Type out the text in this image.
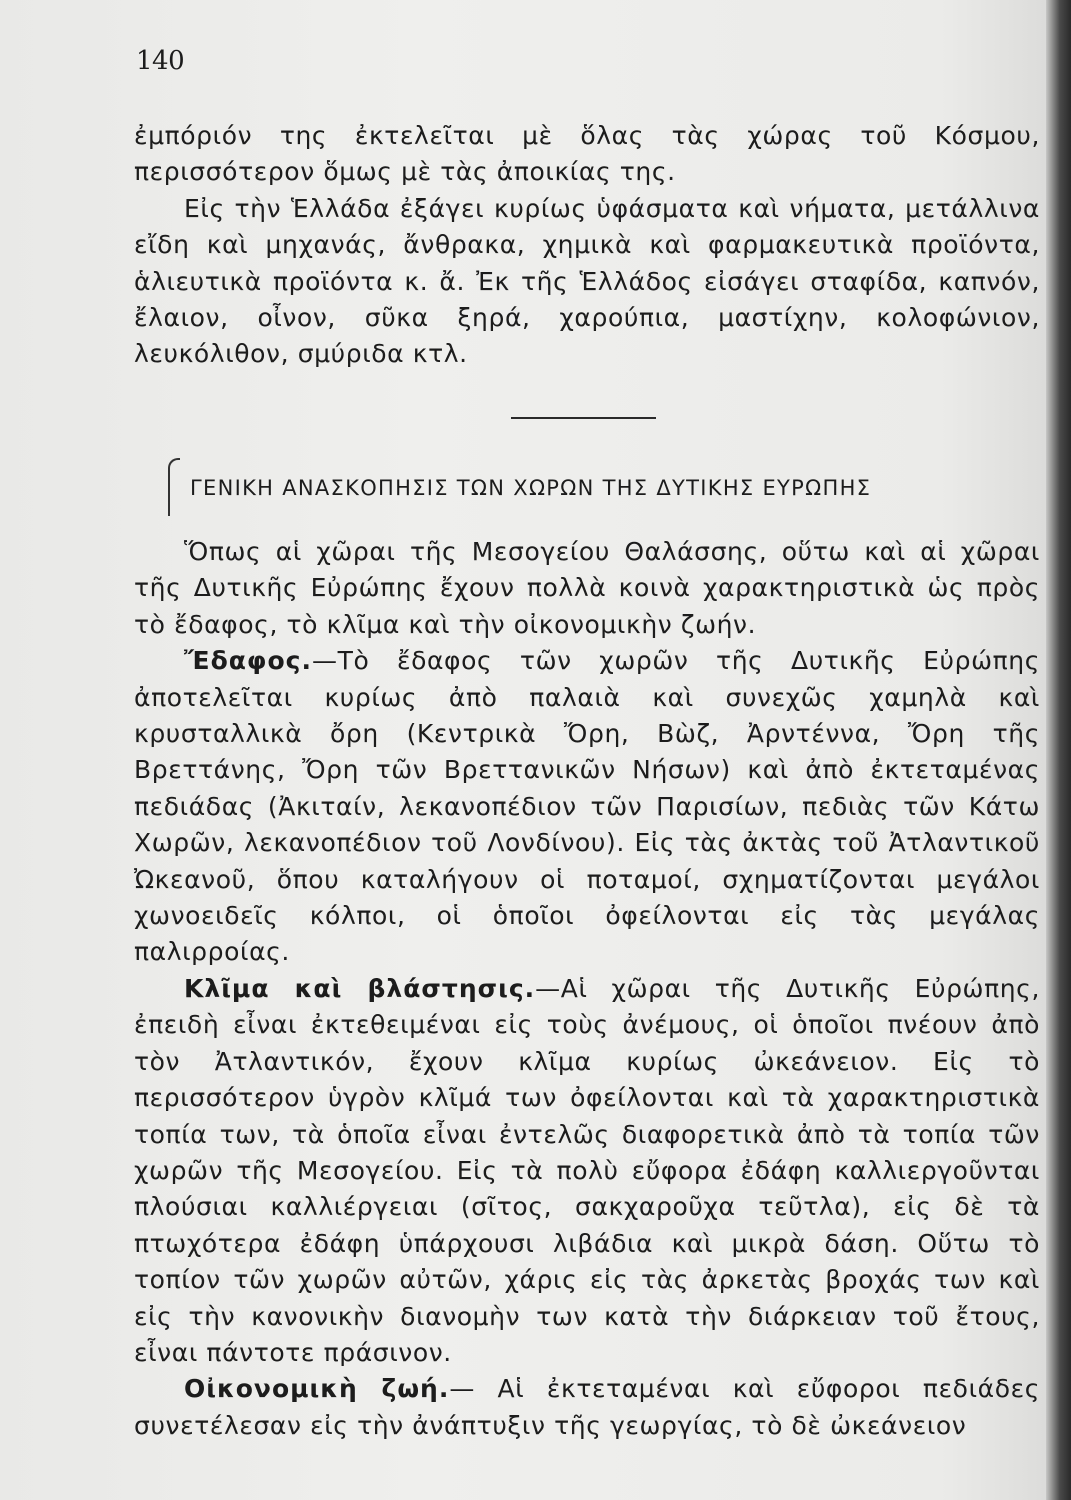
140

ἐμπόριόν της ἐκτελεῖται μὲ ὅλας τὰς χώρας τοῦ Κόσμου, περισσότερον ὅμως μὲ τὰς ἀποικίας της.

Εἰς τὴν Ἑλλάδα ἐξάγει κυρίως ὑφάσματα καὶ νήματα, μετάλλινα εἴδη καὶ μηχανάς, ἄνθρακα, χημικὰ καὶ φαρμακευτικὰ προϊόντα, ἁλιευτικὰ προϊόντα κ. ἄ. Ἐκ τῆς Ἑλλάδος εἰσάγει σταφίδα, καπνόν, ἔλαιον, οἶνον, σῦκα ξηρά, χαρούπια, μαστίχην, κολοφώνιον, λευκόλιθον, σμύριδα κτλ.

ΓΕΝΙΚΗ ΑΝΑΣΚΟΠΗΣΙΣ ΤΩΝ ΧΩΡΩΝ ΤΗΣ ΔΥΤΙΚΗΣ ΕΥΡΩΠΗΣ

Ὅπως αἱ χῶραι τῆς Μεσογείου Θαλάσσης, οὕτω καὶ αἱ χῶραι τῆς Δυτικῆς Εὐρώπης ἔχουν πολλὰ κοινὰ χαρακτηριστικὰ ὡς πρὸς τὸ ἔδαφος, τὸ κλῖμα καὶ τὴν οἰκονομικὴν ζωήν.

Ἔδαφος.—Τὸ ἔδαφος τῶν χωρῶν τῆς Δυτικῆς Εὐρώπης ἀποτελεῖται κυρίως ἀπὸ παλαιὰ καὶ συνεχῶς χαμηλὰ καὶ κρυσταλλικὰ ὄρη (Κεντρικὰ Ὄρη, Βὼζ, Ἀρντέννα, Ὄρη τῆς Βρεττάνης, Ὄρη τῶν Βρεττανικῶν Νήσων) καὶ ἀπὸ ἐκτεταμένας πεδιάδας (Ἀκιταίν, λεκανοπέδιον τῶν Παρισίων, πεδιὰς τῶν Κάτω Χωρῶν, λεκανοπέδιον τοῦ Λονδίνου). Εἰς τὰς ἀκτὰς τοῦ Ἀτλαντικοῦ Ὠκεανοῦ, ὅπου καταλήγουν οἱ ποταμοί, σχηματίζονται μεγάλοι χωνοειδεῖς κόλποι, οἱ ὁποῖοι ὀφείλονται εἰς τὰς μεγάλας παλιρροίας.

Κλῖμα καὶ βλάστησις.—Αἱ χῶραι τῆς Δυτικῆς Εὐρώπης, ἐπειδὴ εἶναι ἐκτεθειμέναι εἰς τοὺς ἀνέμους, οἱ ὁποῖοι πνέουν ἀπὸ τὸν Ἀτλαντικόν, ἔχουν κλῖμα κυρίως ὠκεάνειον. Εἰς τὸ περισσότερον ὑγρὸν κλῖμά των ὀφείλονται καὶ τὰ χαρακτηριστικὰ τοπία των, τὰ ὁποῖα εἶναι ἐντελῶς διαφορετικὰ ἀπὸ τὰ τοπία τῶν χωρῶν τῆς Μεσογείου. Εἰς τὰ πολὺ εὔφορα ἐδάφη καλλιεργοῦνται πλούσιαι καλλιέργειαι (σῖτος, σακχαροῦχα τεῦτλα), εἰς δὲ τὰ πτωχότερα ἐδάφη ὑπάρχουσι λιβάδια καὶ μικρὰ δάση. Οὕτω τὸ τοπίον τῶν χωρῶν αὐτῶν, χάρις εἰς τὰς ἀρκετὰς βροχάς των καὶ εἰς τὴν κανονικὴν διανομὴν των κατὰ τὴν διάρκειαν τοῦ ἔτους, εἶναι πάντοτε πράσινον.

Οἰκονομικὴ ζωή.— Αἱ ἐκτεταμέναι καὶ εὔφοροι πεδιάδες συνετέλεσαν εἰς τὴν ἀνάπτυξιν τῆς γεωργίας, τὸ δὲ ὠκεάνειον
